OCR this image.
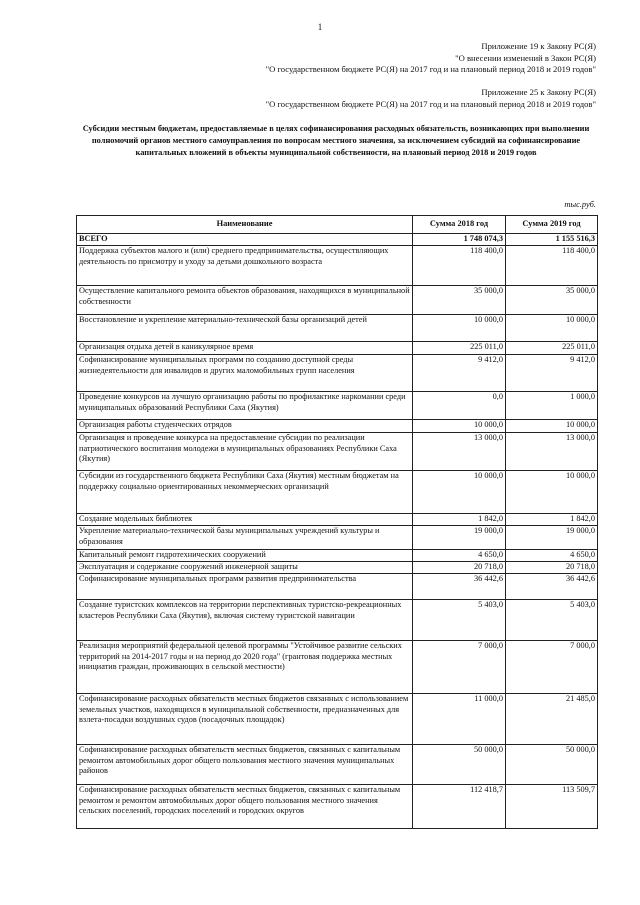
1
Приложение 19 к Закону РС(Я)
"О внесении изменений в Закон РС(Я)
"О государственном бюджете РС(Я) на 2017 год и на плановый период 2018 и 2019 годов"
Приложение 25 к Закону РС(Я)
"О государственном бюджете РС(Я) на 2017 год и на плановый период 2018 и 2019 годов"
Субсидии местным бюджетам, предоставляемые в целях софинансирования расходных обязательств, возникающих при выполнении полномочий органов местного самоуправления по вопросам местного значения, за исключением субсидий на софинансирование капитальных вложений в объекты муниципальной собственности, на плановый период 2018 и 2019 годов
тыс.руб.
Наименование	Сумма 2018 год	Сумма 2019 год
ВСЕГО	1 748 074,3	1 155 516,3
Поддержка субъектов малого и (или) среднего предпринимательства, осуществляющих деятельность по присмотру и уходу за детьми дошкольного возраста	118 400,0	118 400,0
Осуществление капитального ремонта объектов образования, находящихся в муниципальной собственности	35 000,0	35 000,0
Восстановление и укрепление материально-технической базы организаций детей	10 000,0	10 000,0
Организация отдыха детей в каникулярное время	225 011,0	225 011,0
Софинансирование муниципальных программ по созданию доступной среды жизнедеятельности для инвалидов и других маломобильных групп населения	9 412,0	9 412,0
Проведение конкурсов на лучшую организацию работы по профилактике наркомании среди муниципальных образований Республики Саха (Якутия)	0,0	1 000,0
Организация работы студенческих отрядов	10 000,0	10 000,0
Организация и проведение конкурса на предоставление субсидии по реализации патриотического воспитания молодежи в муниципальных образованиях Республики Саха (Якутия)	13 000,0	13 000,0
Субсидии из государственного бюджета Республики Саха (Якутия) местным бюджетам на поддержку социально ориентированных некоммерческих организаций	10 000,0	10 000,0
Создание модельных библиотек	1 842,0	1 842,0
Укрепление материально-технической базы муниципальных учреждений культуры и образования	19 000,0	19 000,0
Капитальный ремонт гидротехнических сооружений	4 650,0	4 650,0
Эксплуатация и содержание сооружений инженерной защиты	20 718,0	20 718,0
Софинансирование муниципальных программ развития предпринимательства	36 442,6	36 442,6
Создание туристских комплексов на территории перспективных туристско-рекреационных кластеров Республики Саха (Якутия), включая систему туристской навигации	5 403,0	5 403,0
Реализация мероприятий федеральной целевой программы "Устойчивое развитие сельских территорий на 2014-2017 годы и на период до 2020 года" (грантовая поддержка местных инициатив граждан, проживающих в сельской местности)	7 000,0	7 000,0
Софинансирование расходных обязательств местных бюджетов связанных с использованием земельных участков, находящихся в муниципальной собственности, предназначенных для взлета-посадки воздушных судов (посадочных площадок)	11 000,0	21 485,0
Софинансирование расходных обязательств местных бюджетов, связанных с капитальным ремонтом автомобильных дорог общего пользования местного значения муниципальных районов	50 000,0	50 000,0
Софинансирование расходных обязательств местных бюджетов, связанных с капитальным ремонтом и ремонтом автомобильных дорог общего пользования местного значения сельских поселений, городских поселений и городских округов	112 418,7	113 509,7
